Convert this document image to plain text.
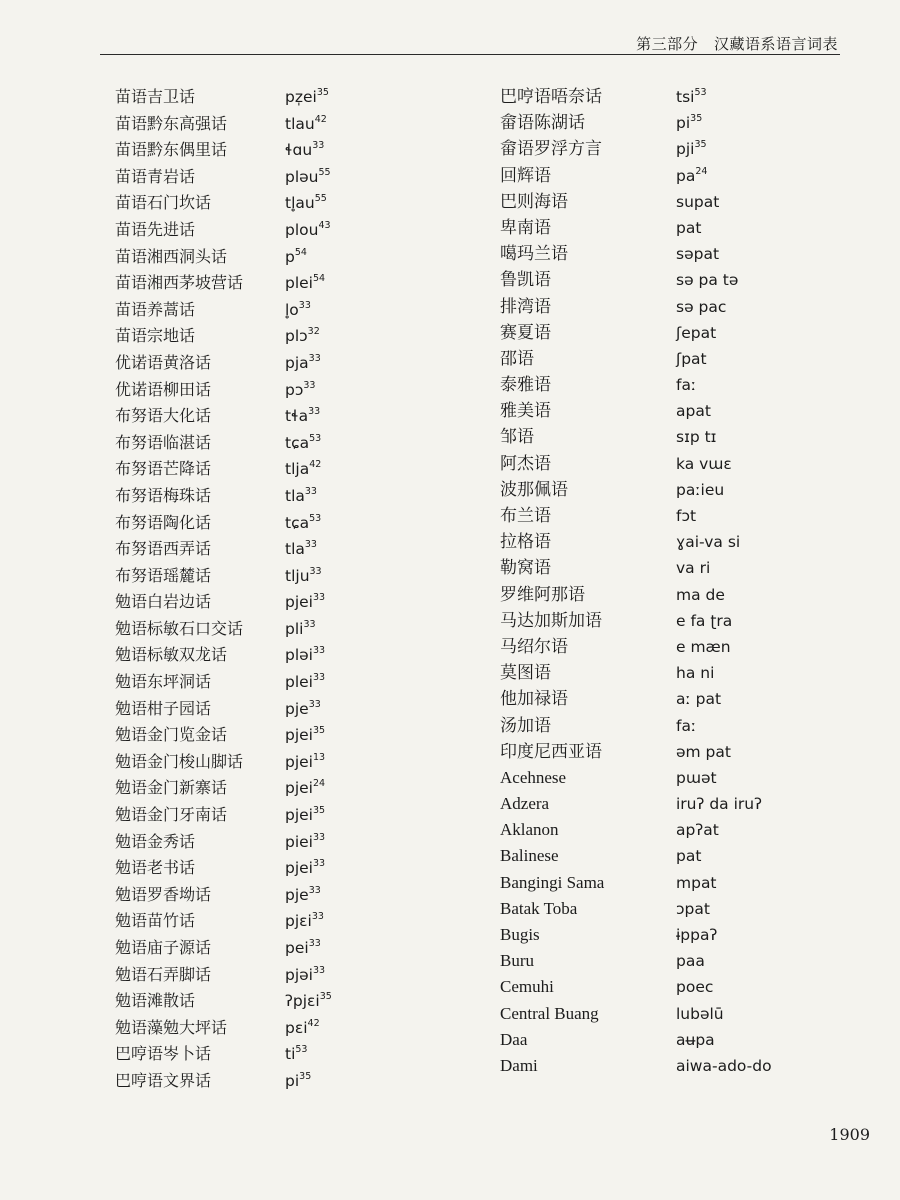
第三部分 汉藏语系语言词表
苗语吉卫话	$pz̩ei^{35}$
苗语黔东高强话	tlau$^{42}$
苗语黔东偶里话	ɬɑu$^{33}$
苗语青岩话	pləu$^{55}$
苗语石门坎话	$tl̥au^{55}$
苗语先进话	plou$^{43}$
苗语湘西洞头话	$p^{54}$
苗语湘西茅坡营话	plei$^{54}$
苗语养蒿话	$l̥o^{33}$
苗语宗地话	plɔ$^{32}$
优诺语黄洛话	pja$^{33}$
优诺语柳田话	pɔ$^{33}$
布努语大化话	tɬa$^{33}$
布努语临湛话	tɕa$^{53}$
布努语芒降话	tlja$^{42}$
布努语梅珠话	tla$^{33}$
布努语陶化话	tɕa$^{53}$
布努语西弄话	tla$^{33}$
布努语瑶麓话	tlju$^{33}$
勉语白岩边话	pjei$^{33}$
勉语标敏石口交话	pli$^{33}$
勉语标敏双龙话	pləi$^{33}$
勉语东坪洞话	plei$^{33}$
勉语柑子园话	pje$^{33}$
勉语金门览金话	pjei$^{35}$
勉语金门梭山脚话	pjei$^{13}$
勉语金门新寨话	pjei$^{24}$
勉语金门牙南话	pjei$^{35}$
勉语金秀话	piei$^{33}$
勉语老书话	pjei$^{33}$
勉语罗香坳话	pje$^{33}$
勉语苗竹话	pjɛi$^{33}$
勉语庙子源话	pei$^{33}$
勉语石弄脚话	pjəi$^{33}$
勉语滩散话	ʔpjɛi$^{35}$
勉语藻勉大坪话	pɛi$^{42}$
巴哼语岑卜话	$ti^{53}$
巴哼语文界话	$pi^{35}$
巴哼语唔奈话	tsi$^{53}$
畲语陈湖话	$pi^{35}$
畲语罗浮方言	pji$^{35}$
回辉语	$pa^{24}$
巴则海语	supat
卑南语	pat
噶玛兰语	səpat
鲁凯语	sə pa tə
排湾语	sə pac
赛夏语	ʃepat
邵语	ʃpat
泰雅语	faː
雅美语	apat
邹语	sɪp tɪ
阿杰语	ka vɯɛ
波那佩语	paːieu
布兰语	fɔt
拉格语	ɣai-va si
勒窝语	va ri
罗维阿那语	ma de
马达加斯加语	e fa ʈra
马绍尔语	e mæn
莫图语	ha ni
他加禄语	aː pat
汤加语	faː
印度尼西亚语	əm pat
Acehnese	pɯət
Adzera	iruʔ da iruʔ
Aklanon	apʔat
Balinese	pat
Bangingi Sama	mpat
Batak Toba	ɔpat
Bugis	ɨppaʔ
Buru	paa
Cemuhi	poec
Central Buang	lubəlū
Daa	aʉpa
Dami	aiwa-ado-do
1909
